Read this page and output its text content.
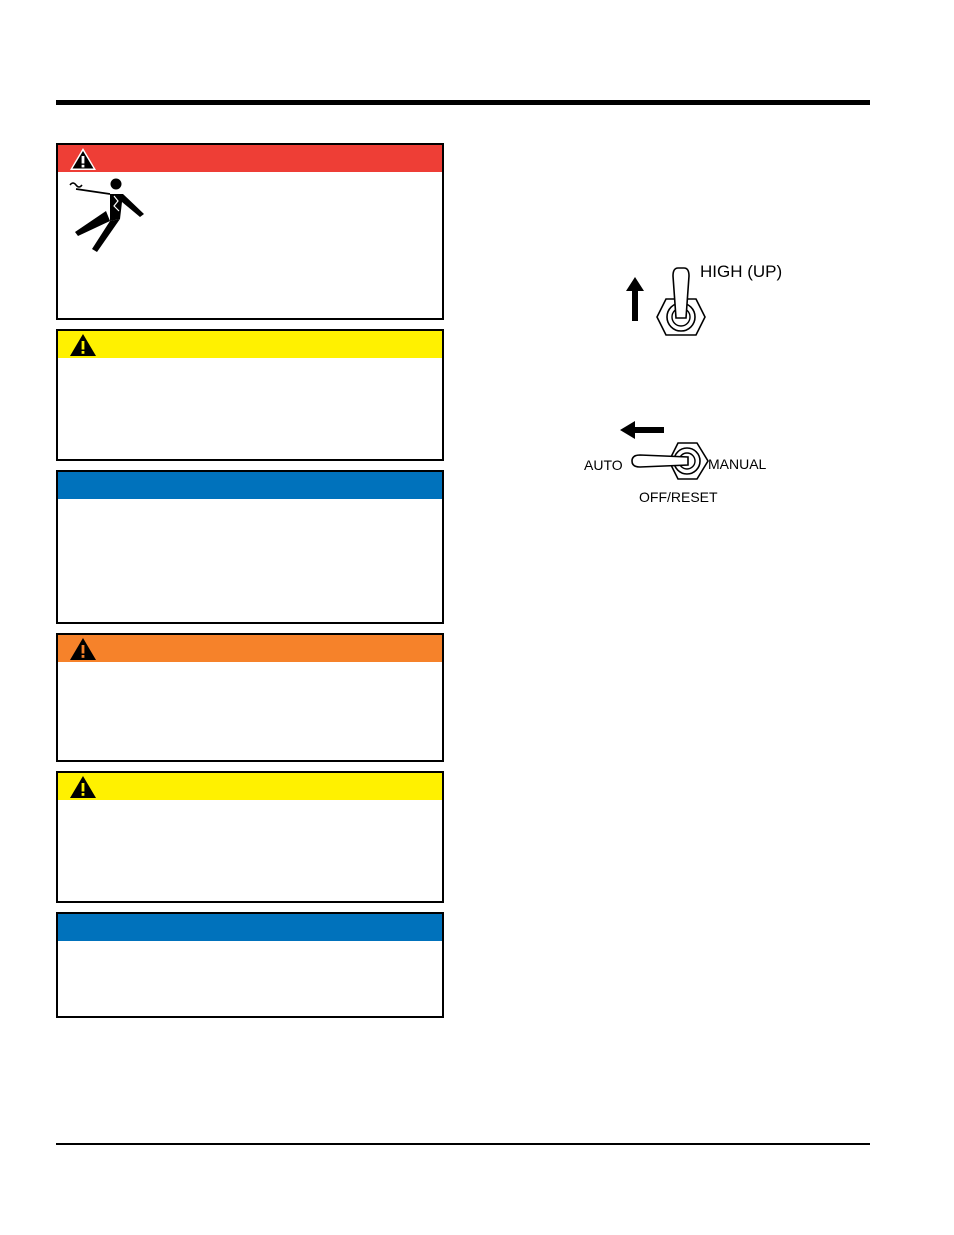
HIGH (UP)
AUTO	MANUAL
OFF/RESET
